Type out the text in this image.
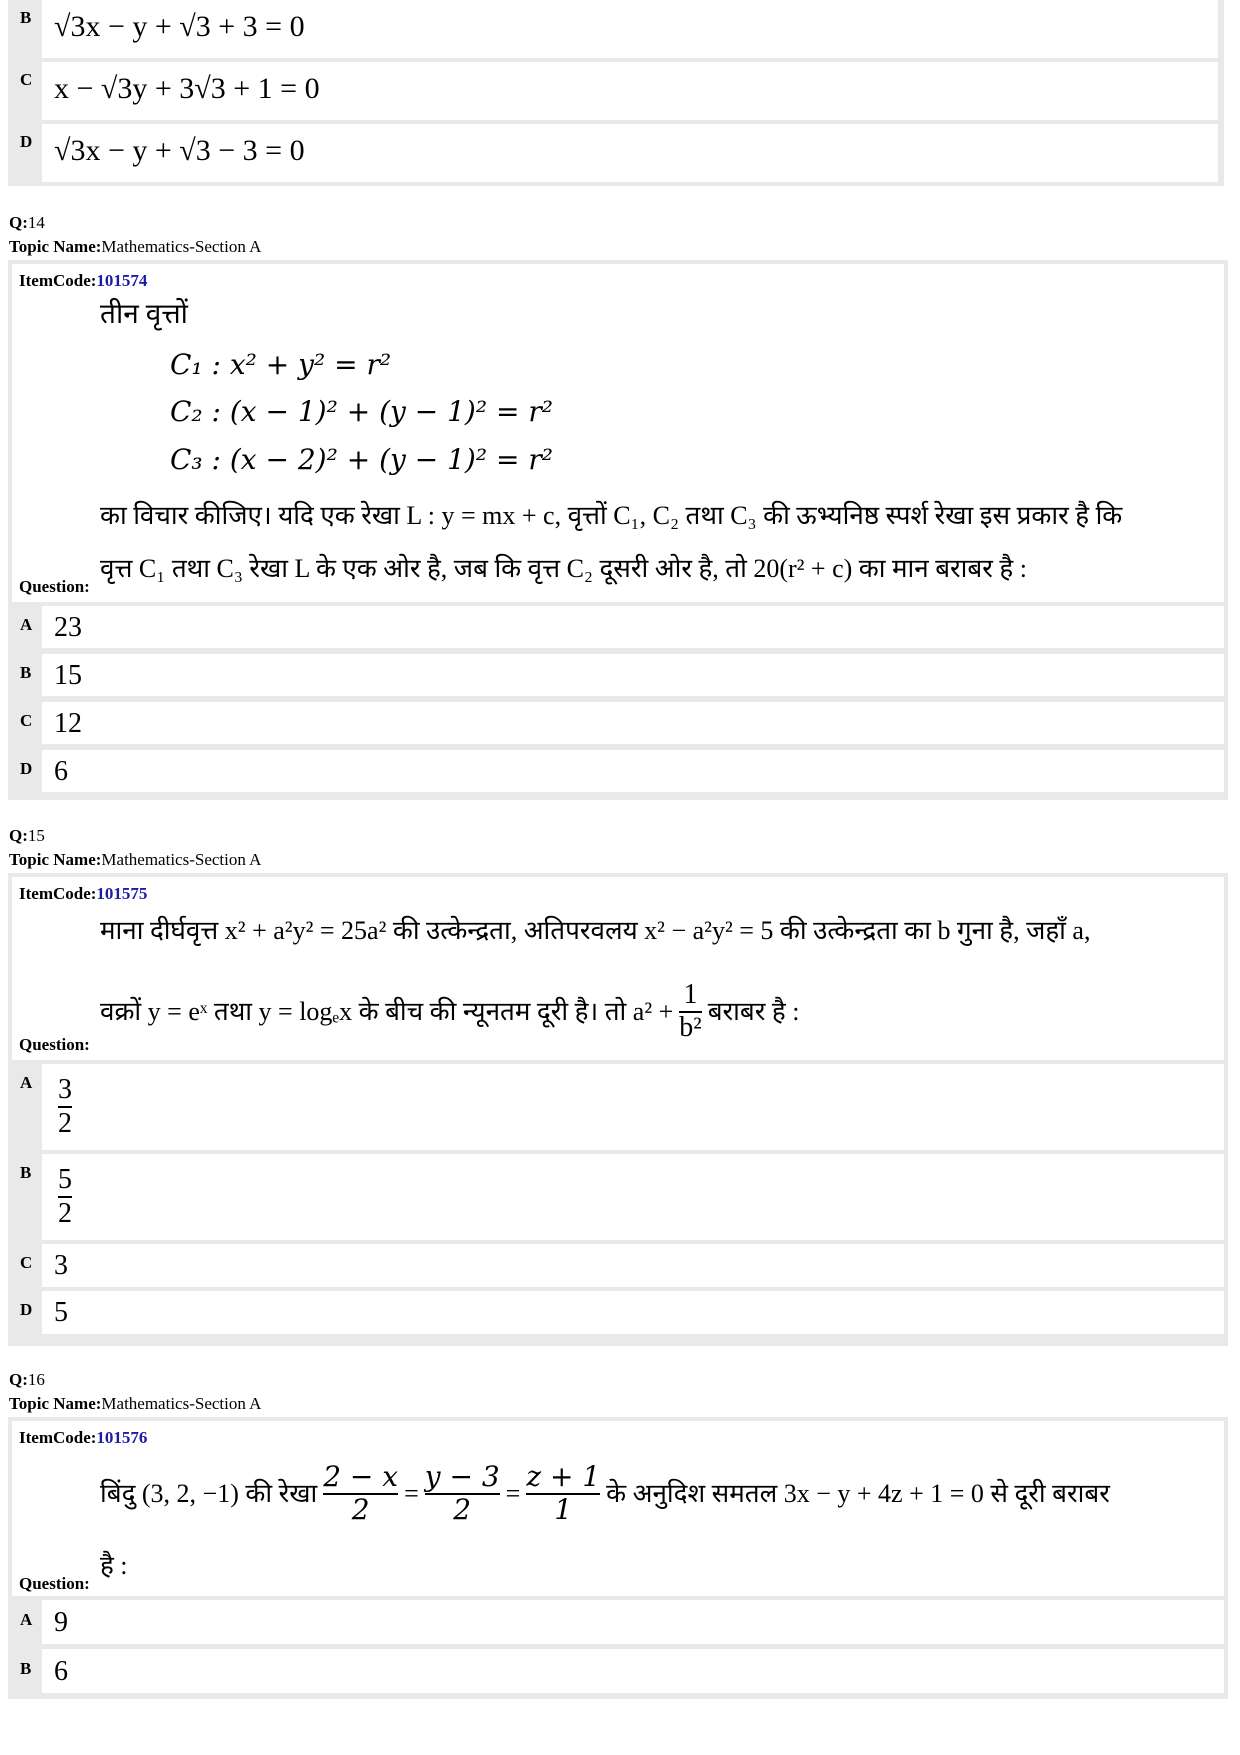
B √3x − y + √3 + 3 = 0
C x − √3y + 3√3 + 1 = 0
D √3x − y + √3 − 3 = 0
Q:14
Topic Name:Mathematics-Section A
ItemCode:101574
तीन वृत्तों
C₁ : x² + y² = r²
C₂ : (x − 1)² + (y − 1)² = r²
C₃ : (x − 2)² + (y − 1)² = r²
का विचार कीजिए। यदि एक रेखा L : y = mx + c, वृत्तों C₁, C₂ तथा C₃ की ऊभ्यनिष्ठ स्पर्श रेखा इस प्रकार है कि
वृत्त C₁ तथा C₃ रेखा L के एक ओर है, जब कि वृत्त C₂ दूसरी ओर है, तो 20(r² + c) का मान बराबर है :
Question:
A 23
B 15
C 12
D 6
Q:15
Topic Name:Mathematics-Section A
ItemCode:101575
माना दीर्घवृत्त x² + a²y² = 25a² की उत्केन्द्रता, अतिपरवलय x² − a²y² = 5 की उत्केन्द्रता का b गुना है, जहाँ a,
वक्रों y = eˣ तथा y = logₑx के बीच की न्यूनतम दूरी है। तो $a^2 + \frac{1}{\text{b²}}$ बराबर है :
Question:
A 3
2
B 5
2
C 3
D 5
Q:16
Topic Name:Mathematics-Section A
ItemCode:101576
बिंदु (3, 2, −1) की रेखा $\frac{2 - x}{2} = \frac{y - 3}{2} = \frac{z + 1}{1}$ के अनुदिश समतल 3x − y + 4z + 1 = 0 से दूरी बराबर
है :
Question:
A 9
B 6
